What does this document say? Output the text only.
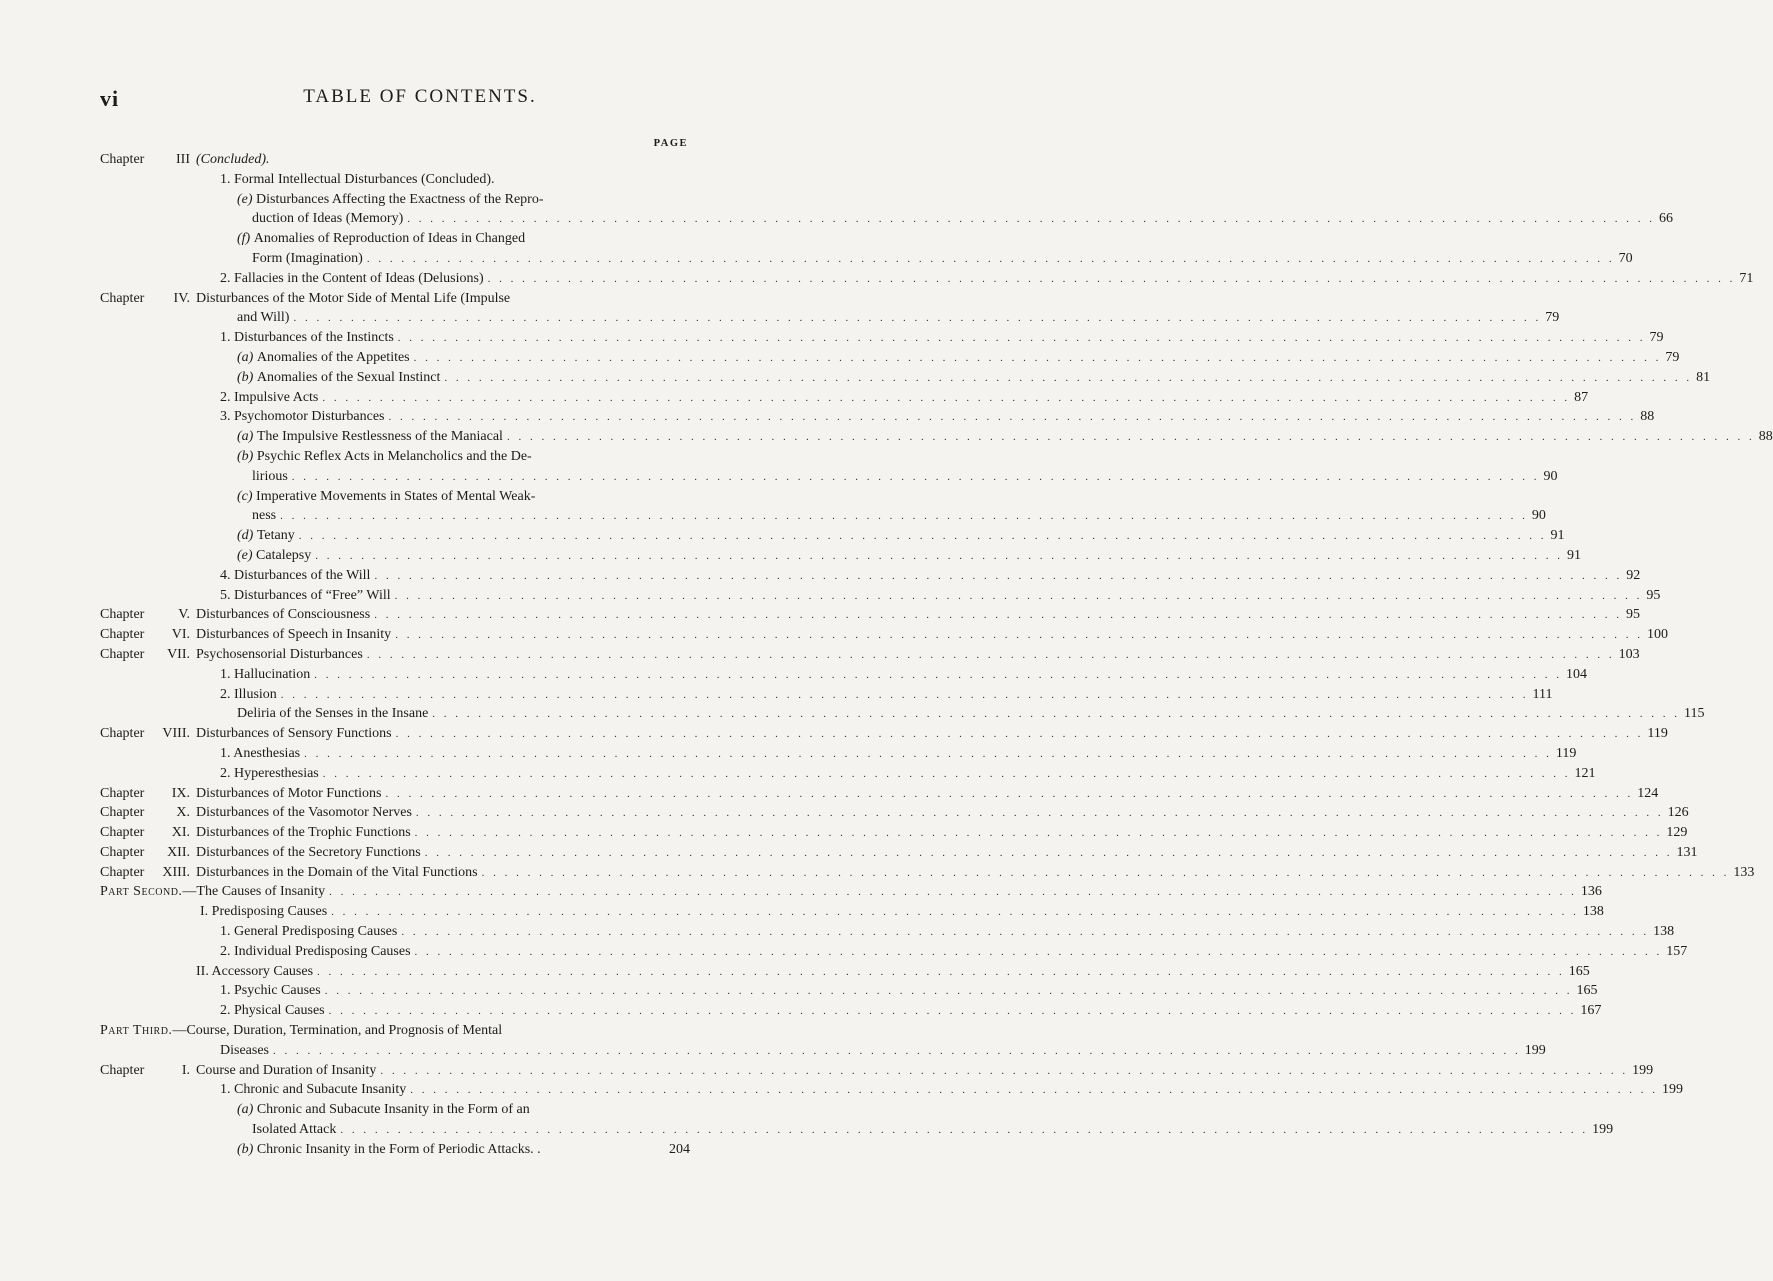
vi	TABLE OF CONTENTS.
PAGE
Chapter	III (Concluded).
1. Formal Intellectual Disturbances (Concluded).
(e) Disturbances Affecting the Exactness of the Repro-
duction of Ideas (Memory) . . .	66
(f) Anomalies of Reproduction of Ideas in Changed
Form (Imagination) . . .	70
2. Fallacies in the Content of Ideas (Delusions) . . .	71
Chapter	IV. Disturbances of the Motor Side of Mental Life (Impulse
and Will) . . .	79
1. Disturbances of the Instincts . . .	79
(a) Anomalies of the Appetites . . .	79
(b) Anomalies of the Sexual Instinct . . .	81
2. Impulsive Acts . . .	87
3. Psychomotor Disturbances . . .	88
(a) The Impulsive Restlessness of the Maniacal . . .	88
(b) Psychic Reflex Acts in Melancholics and the De-
lirious . . .	90
(c) Imperative Movements in States of Mental Weak-
ness . . .	90
(d) Tetany . . .	91
(e) Catalepsy . . .	91
4. Disturbances of the Will . . .	92
5. Disturbances of “Free” Will . . .	95
Chapter	V. Disturbances of Consciousness . . .	95
Chapter	VI. Disturbances of Speech in Insanity . . .	100
Chapter	VII. Psychosensorial Disturbances . . .	103
1. Hallucination . . .	104
2. Illusion . . .	111
Deliria of the Senses in the Insane . . .	115
Chapter	VIII. Disturbances of Sensory Functions . . .	119
1. Anesthesias . . .	119
2. Hyperesthesias . . .	121
Chapter	IX. Disturbances of Motor Functions . . .	124
Chapter	X. Disturbances of the Vasomotor Nerves . . .	126
Chapter	XI. Disturbances of the Trophic Functions . . .	129
Chapter	XII. Disturbances of the Secretory Functions . . .	131
Chapter	XIII. Disturbances in the Domain of the Vital Functions . . .	133
Part Second.—The Causes of Insanity . . .	136
I. Predisposing Causes . . .	138
1. General Predisposing Causes . . .	138
2. Individual Predisposing Causes . . .	157
II. Accessory Causes . . .	165
1. Psychic Causes . . .	165
2. Physical Causes . . .	167
Part Third.—Course, Duration, Termination, and Prognosis of Mental
Diseases . . .	199
Chapter	I. Course and Duration of Insanity . . .	199
1. Chronic and Subacute Insanity . . .	199
(a) Chronic and Subacute Insanity in the Form of an
Isolated Attack . . .	199
(b) Chronic Insanity in the Form of Periodic Attacks. .	204
